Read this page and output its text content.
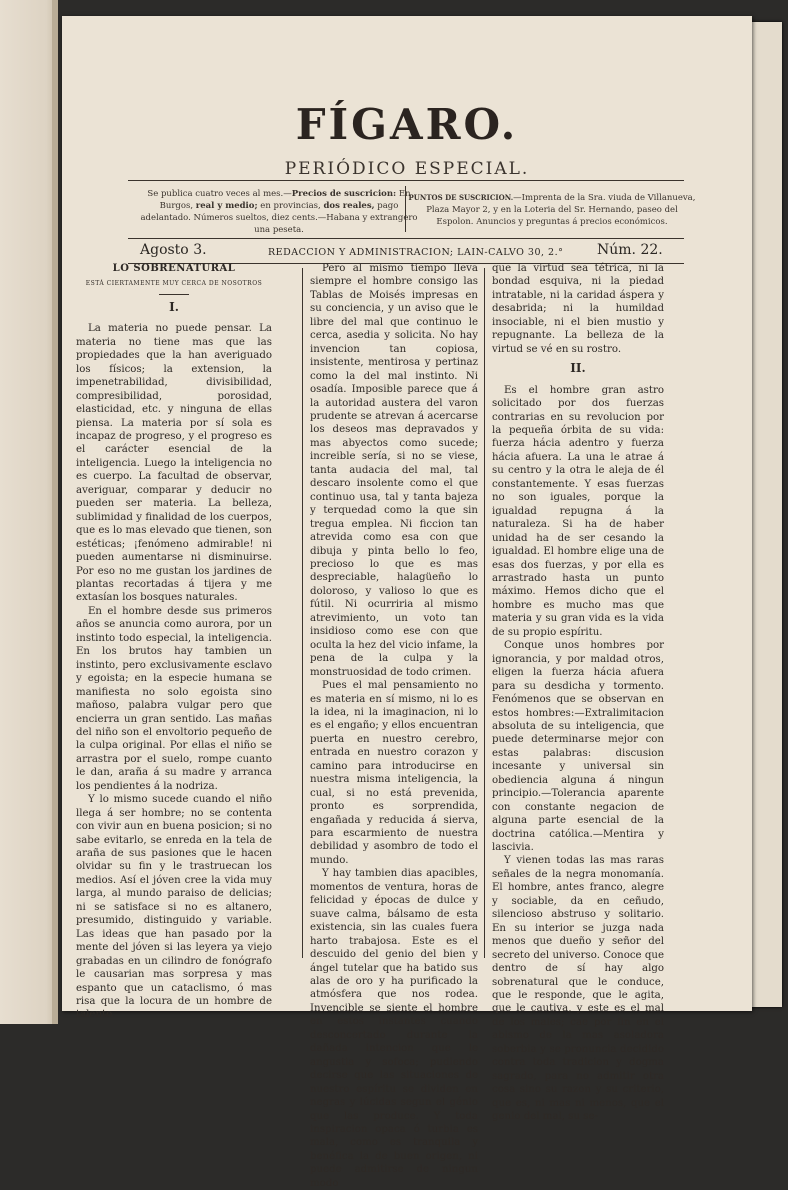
FÍGARO.
PERIÓDICO ESPECIAL.
Se publica cuatro veces al mes.—Precios de suscricion: En Burgos, real y medio; en provincias, dos reales, pago adelantado. Números sueltos, diez cents.—Habana y extrangero una peseta.
PUNTOS DE SUSCRICION.—Imprenta de la Sra. viuda de Villanueva, Plaza Mayor 2, y en la Loteria del Sr. Hernando, paseo del Espolon. Anuncios y preguntas á precios económicos.
Agosto 3.	REDACCION Y ADMINISTRACION; LAIN-CALVO 30, 2.° Núm. 22.

LO SOBRENATURAL

ESTÁ CIERTAMENTE MUY CERCA DE NOSOTROS

I.

La materia no puede pensar. La materia no tiene mas que las propiedades que la han averiguado los físicos; la extension, la impenetrabilidad, divisibilidad, compresibilidad, porosidad, elasticidad, etc. y ninguna de ellas piensa. La materia por sí sola es incapaz de progreso, y el progreso es el carácter esencial de la inteligencia. Luego la inteligencia no es cuerpo. La facultad de observar, averiguar, comparar y deducir no pueden ser materia. La belleza, sublimidad y finalidad de los cuerpos, que es lo mas elevado que tienen, son estéticas; ¡fenómeno admirable! ni pueden aumentarse ni disminuirse. Por eso no me gustan los jardines de plantas recortadas á tijera y me extasían los bosques naturales.

En el hombre desde sus primeros años se anuncia como aurora, por un instinto todo especial, la inteligencia. En los brutos hay tambien un instinto, pero exclusivamente esclavo y egoista; en la especie humana se manifiesta no solo egoista sino mañoso, palabra vulgar pero que encierra un gran sentido. Las mañas del niño son el envoltorio pequeño de la culpa original. Por ellas el niño se arrastra por el suelo, rompe cuanto le dan, araña á su madre y arranca los pendientes á la nodriza.

Y lo mismo sucede cuando el niño llega á ser hombre; no se contenta con vivir aun en buena posicion; si no sabe evitarlo, se enreda en la tela de araña de sus pasiones que le hacen olvidar su fin y le trastruecan los medios. Así el jóven cree la vida muy larga, al mundo paraiso de delicias; ni se satisface si no es altanero, presumido, distinguido y variable. Las ideas que han pasado por la mente del jóven si las leyera ya viejo grabadas en un cilindro de fonógrafo le causarian mas sorpresa y mas espanto que un cataclismo, ó mas risa que la locura de un hombre de talento.

Pero al mismo tiempo lleva siempre el hombre consigo las Tablas de Moisés impresas en su conciencia, y un aviso que le libre del mal que continuo le cerca, asedia y solicita. No hay invencion tan copiosa, insistente, mentirosa y pertinaz como la del mal instinto. Ni osadía. Imposible parece que á la autoridad austera del varon prudente se atrevan á acercarse los deseos mas depravados y mas abyectos como sucede; increible sería, si no se viese, tanta audacia del mal, tal descaro insolente como el que continuo usa, tal y tanta bajeza y terquedad como la que sin tregua emplea. Ni ficcion tan atrevida como esa con que dibuja y pinta bello lo feo, precioso lo que es mas despreciable, halagüeño lo doloroso, y valioso lo que es fútil. Ni ocurriria al mismo atrevimiento, un voto tan insidioso como ese con que oculta la hez del vicio infame, la pena de la culpa y la monstruosidad de todo crimen.

Pues el mal pensamiento no es materia en sí mismo, ni lo es la idea, ni la imaginacion, ni lo es el engaño; y ellos encuentran puerta en nuestro cerebro, entrada en nuestro corazon y camino para introducirse en nuestra misma inteligencia, la cual, si no está prevenida, pronto es sorprendida, engañada y reducida á sierva, para escarmiento de nuestra debilidad y asombro de todo el mundo.

Y hay tambien dias apacibles, momentos de ventura, horas de felicidad y épocas de dulce y suave calma, bálsamo de esta existencia, sin las cuales fuera harto trabajosa. Este es el descuido del genio del bien y ángel tutelar que ha batido sus alas de oro y ha purificado la atmósfera que nos rodea. Invencible se siente el hombre en estos instantes cuando desconcertado durante la dañada intencion que le angustia y sofoca; pudiendo decirse que las situaciones de nuestro espíritu se dividen en negras y lúcidas segun el génio que las produce. Y toda inspiracion opaca ó turbia es mala, como es tranquila y benéfica la de buen origen, ni puede admitirse de ningun modo

que la virtud sea tétrica, ni la bondad esquiva, ni la piedad intratable, ni la caridad áspera y desabrida; ni la humildad insociable, ni el bien mustio y repugnante. La belleza de la virtud se vé en su rostro.

II.

Es el hombre gran astro solicitado por dos fuerzas contrarias en su revolucion por la pequeña órbita de su vida: fuerza hácia adentro y fuerza hácia afuera. La una le atrae á su centro y la otra le aleja de él constantemente. Y esas fuerzas no son iguales, porque la igualdad repugna á la naturaleza. Si ha de haber unidad ha de ser cesando la igualdad. El hombre elige una de esas dos fuerzas, y por ella es arrastrado hasta un punto máximo. Hemos dicho que el hombre es mucho mas que materia y su gran vida es la vida de su propio espíritu.

Conque unos hombres por ignorancia, y por maldad otros, eligen la fuerza hácia afuera para su desdicha y tormento. Fenómenos que se observan en estos hombres:—Extralimitacion absoluta de su inteligencia, que puede determinarse mejor con estas palabras: discusion incesante y universal sin obediencia alguna á ningun principio.—Tolerancia aparente con constante negacion de alguna parte esencial de la doctrina católica.—Mentira y lascivia.

Y vienen todas las mas raras señales de la negra monomanía. El hombre, antes franco, alegre y sociable, da en ceñudo, silencioso abstruso y solitario. En su interior se juzga nada menos que dueño y señor del secreto del universo. Conoce que dentro de sí hay algo sobrenatural que le conduce, que le responde, que le agita, que le cautiva, y este es el mal de los males; cae por fin en el abismo de la mas asoladora soberbia y se pronuncia decidido contra toda tradicion y dogma sagrado, para no admitir otra cosa sino su razon y su criterio, que es, ni mas ni menos, que el genio del mal, su se-
